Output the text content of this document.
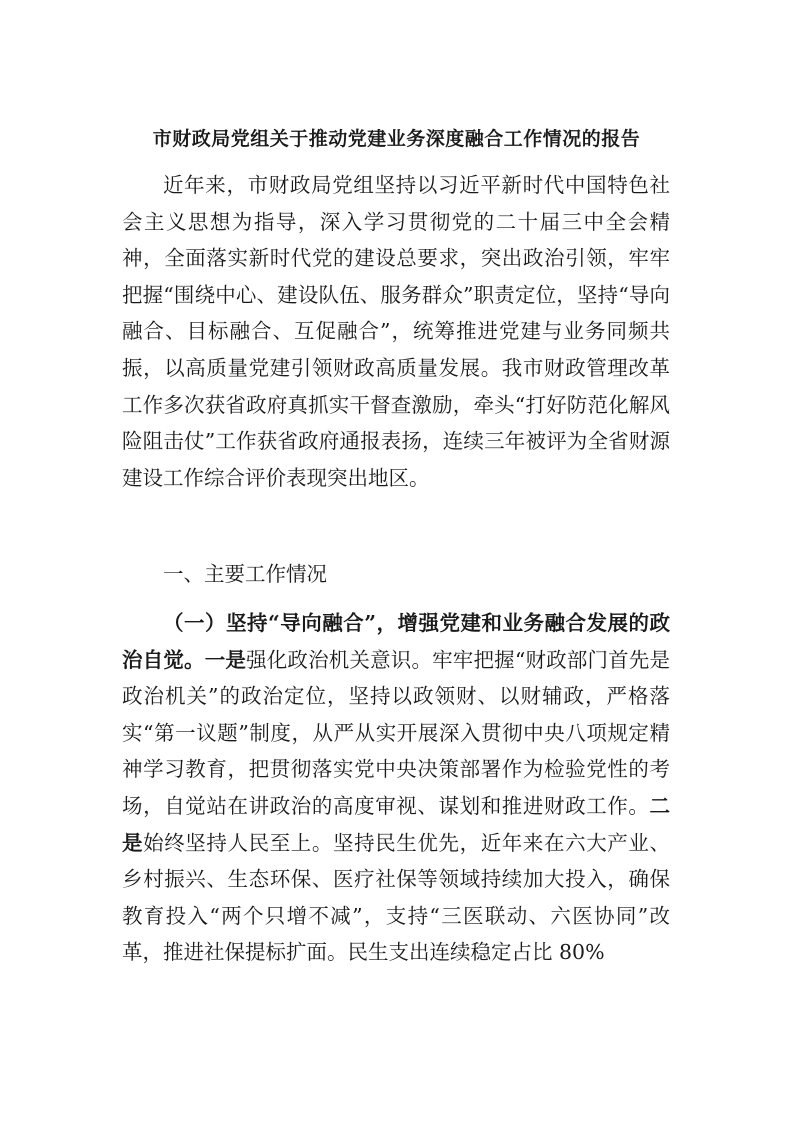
市财政局党组关于推动党建业务深度融合工作情况的报告

近年来，市财政局党组坚持以习近平新时代中国特色社会主义思想为指导，深入学习贯彻党的二十届三中全会精神，全面落实新时代党的建设总要求，突出政治引领，牢牢把握“围绕中心、建设队伍、服务群众”职责定位，坚持“导向融合、目标融合、互促融合”，统筹推进党建与业务同频共振，以高质量党建引领财政高质量发展。我市财政管理改革工作多次获省政府真抓实干督查激励，牵头“打好防范化解风险阻击仗”工作获省政府通报表扬，连续三年被评为全省财源建设工作综合评价表现突出地区。

一、主要工作情况

（一）坚持“导向融合”，增强党建和业务融合发展的政治自觉。一是强化政治机关意识。牢牢把握“财政部门首先是政治机关”的政治定位，坚持以政领财、以财辅政，严格落实“第一议题”制度，从严从实开展深入贯彻中央八项规定精神学习教育，把贯彻落实党中央决策部署作为检验党性的考场，自觉站在讲政治的高度审视、谋划和推进财政工作。二是始终坚持人民至上。坚持民生优先，近年来在六大产业、乡村振兴、生态环保、医疗社保等领域持续加大投入，确保教育投入“两个只增不减”，支持“三医联动、六医协同”改革，推进社保提标扩面。民生支出连续稳定占比 80%
